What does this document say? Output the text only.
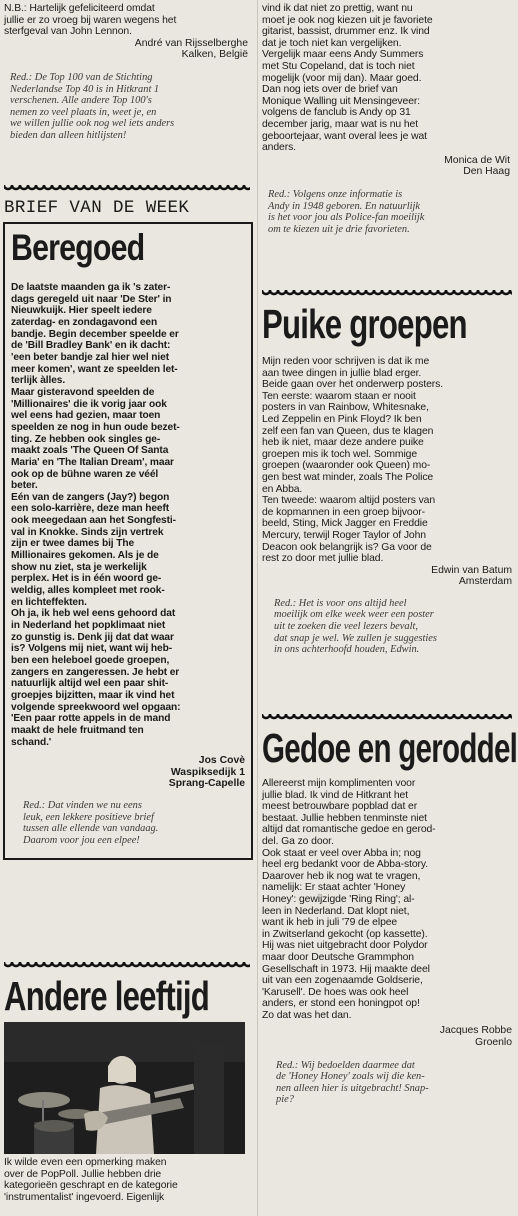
N.B.: Hartelijk gefeliciteerd omdat
jullie er zo vroeg bij waren wegens het
sterfgeval van John Lennon.
André van Rijsselberghe
Kalken, België
Red.: De Top 100 van de Stichting
Nederlandse Top 40 is in Hitkrant 1
verschenen. Alle andere Top 100's
nemen zo veel plaats in, weet je, en
we willen jullie ook nog wel iets anders
bieden dan alleen hitlijsten!
BRIEF VAN DE WEEK
Beregoed
De laatste maanden ga ik 's zater-
dags geregeld uit naar 'De Ster' in
Nieuwkuijk. Hier speelt iedere
zaterdag- en zondagavond een
bandje. Begin december speelde er
de 'Bill Bradley Bank' en ik dacht:
'een beter bandje zal hier wel niet
meer komen', want ze speelden let-
terlijk àlles.
Maar gisteravond speelden de
'Millionaires' die ik vorig jaar ook
wel eens had gezien, maar toen
speelden ze nog in hun oude bezet-
ting. Ze hebben ook singles ge-
maakt zoals 'The Queen Of Santa
Maria' en 'The Italian Dream', maar
ook op de bühne waren ze véél
beter.
Eén van de zangers (Jay?) begon
een solo-karrière, deze man heeft
ook meegedaan aan het Songfesti-
val in Knokke. Sinds zijn vertrek
zijn er twee dames bij The
Millionaires gekomen. Als je de
show nu ziet, sta je werkelijk
perplex. Het is in één woord ge-
weldig, alles kompleet met rook-
en lichteffekten.
Oh ja, ik heb wel eens gehoord dat
in Nederland het popklimaat niet
zo gunstig is. Denk jij dat dat waar
is? Volgens mij niet, want wij heb-
ben een heleboel goede groepen,
zangers en zangeressen. Je hebt er
natuurlijk altijd wel een paar shit-
groepjes bijzitten, maar ik vind het
volgende spreekwoord wel opgaan:
'Een paar rotte appels in de mand
maakt de hele fruitmand ten
schand.'
Jos Covè
Waspiksedijk 1
Sprang-Capelle
Red.: Dat vinden we nu eens
leuk, een lekkere positieve brief
tussen alle ellende van vandaag.
Daarom voor jou een elpee!
Andere leeftijd
Ik wilde even een opmerking maken
over de PopPoll. Jullie hebben drie
kategorieën geschrapt en de kategorie
'instrumentalist' ingevoerd. Eigenlijk
vind ik dat niet zo prettig, want nu
moet je ook nog kiezen uit je favoriete
gitarist, bassist, drummer enz. Ik vind
dat je toch niet kan vergelijken.
Vergelijk maar eens Andy Summers
met Stu Copeland, dat is toch niet
mogelijk (voor mij dan). Maar goed.
Dan nog iets over de brief van
Monique Walling uit Mensingeveer:
volgens de fanclub is Andy op 31
december jarig, maar wat is nu het
geboortejaar, want overal lees je wat
anders.
Monica de Wit
Den Haag
Red.: Volgens onze informatie is
Andy in 1948 geboren. En natuurlijk
is het voor jou als Police-fan moeilijk
om te kiezen uit je drie favorieten.
Puike groepen
Mijn reden voor schrijven is dat ik me
aan twee dingen in jullie blad erger.
Beide gaan over het onderwerp posters.
Ten eerste: waarom staan er nooit
posters in van Rainbow, Whitesnake,
Led Zeppelin en Pink Floyd? Ik ben
zelf een fan van Queen, dus te klagen
heb ik niet, maar deze andere puike
groepen mis ik toch wel. Sommige
groepen (waaronder ook Queen) mo-
gen best wat minder, zoals The Police
en Abba.
Ten tweede: waarom altijd posters van
de kopmannen in een groep bijvoor-
beeld, Sting, Mick Jagger en Freddie
Mercury, terwijl Roger Taylor of John
Deacon ook belangrijk is? Ga voor de
rest zo door met jullie blad.
Edwin van Batum
Amsterdam
Red.: Het is voor ons altijd heel
moeilijk om elke week weer een poster
uit te zoeken die veel lezers bevalt,
dat snap je wel. We zullen je suggesties
in ons achterhoofd houden, Edwin.
Gedoe en geroddel
Allereerst mijn komplimenten voor
jullie blad. Ik vind de Hitkrant het
meest betrouwbare popblad dat er
bestaat. Jullie hebben tenminste niet
altijd dat romantische gedoe en gerod-
del. Ga zo door.
Ook staat er veel over Abba in; nog
heel erg bedankt voor de Abba-story.
Daarover heb ik nog wat te vragen,
namelijk: Er staat achter 'Honey
Honey': gewijzigde 'Ring Ring'; al-
leen in Nederland. Dat klopt niet,
want ik heb in juli '79 de elpee
in Zwitserland gekocht (op kassette).
Hij was niet uitgebracht door Polydor
maar door Deutsche Grammphon
Gesellschaft in 1973. Hij maakte deel
uit van een zogenaamde Goldserie,
'Karusell'. De hoes was ook heel
anders, er stond een honingpot op!
Zo dat was het dan.
Jacques Robbe
Groenlo
Red.: Wij bedoelden daarmee dat
de 'Honey Honey' zoals wij die ken-
nen alleen hier is uitgebracht! Snap-
pie?
